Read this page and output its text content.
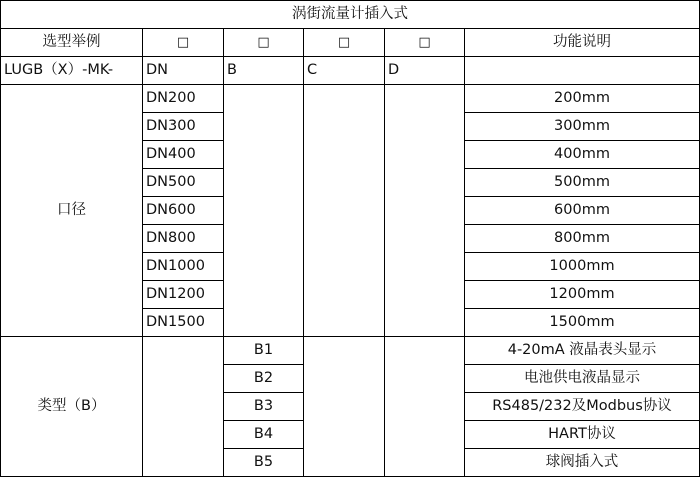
涡街流量计插入式					
选型举例	□	□	□	□	功能说明
LUGB（X）-MK-	DN	B	C	D	
口径	DN200				200mm
	DN300				300mm
	DN400				400mm
	DN500				500mm
	DN600				600mm
	DN800				800mm
	DN1000				1000mm
	DN1200				1200mm
	DN1500				1500mm
类型（B）		B1			4-20mA 液晶表头显示
		B2			电池供电液晶显示
		B3			RS485/232及Modbus协议
		B4			HART协议
		B5			球阀插入式
